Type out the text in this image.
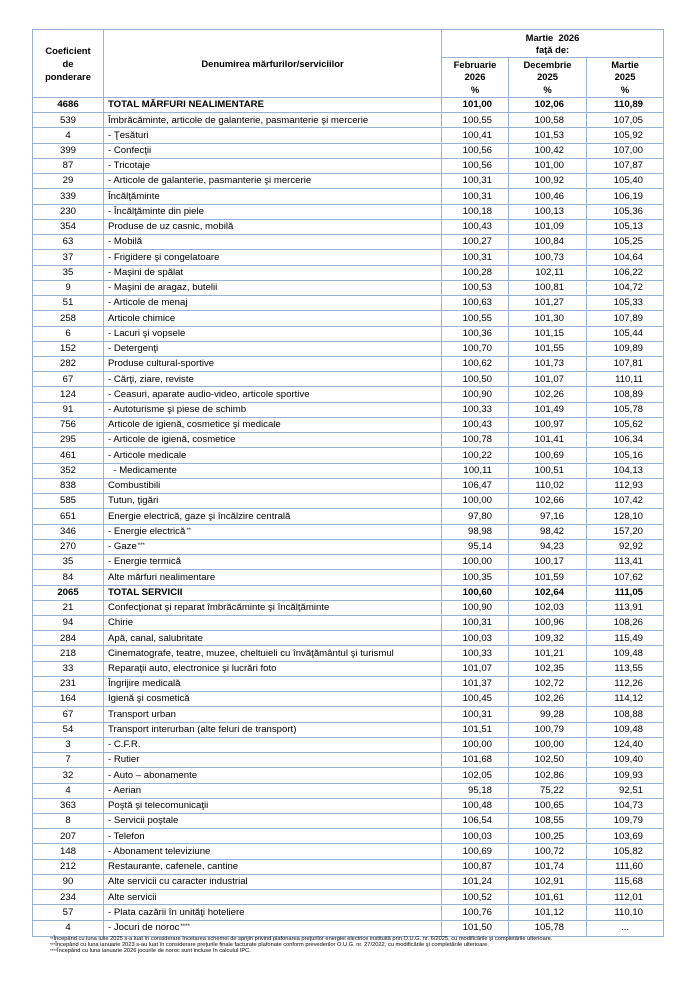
Coeficient
de
ponderare
Denumirea mărfurilor/serviciilor
Martie  2026
faţă de:
Februarie
2026
%
Decembrie
2025
%
Martie
2025
%
4686	TOTAL MĂRFURI NEALIMENTARE	101,00	102,06	110,89
539	Îmbrăcăminte, articole de galanterie, pasmanterie şi mercerie	100,55	100,58	107,05
4	- Ţesături	100,41	101,53	105,92
399	- Confecţii	100,56	100,42	107,00
87	- Tricotaje	100,56	101,00	107,87
29	- Articole de galanterie, pasmanterie şi mercerie	100,31	100,92	105,40
339	Încălţăminte	100,31	100,46	106,19
230	- Încălţăminte din piele	100,18	100,13	105,36
354	Produse de uz casnic, mobilă	100,43	101,09	105,13
63	- Mobilă	100,27	100,84	105,25
37	- Frigidere şi congelatoare	100,31	100,73	104,64
35	- Maşini de spălat	100,28	102,11	106,22
9	- Maşini de aragaz, butelii	100,53	100,81	104,72
51	- Articole de menaj	100,63	101,27	105,33
258	Articole chimice	100,55	101,30	107,89
6	- Lacuri şi vopsele	100,36	101,15	105,44
152	- Detergenţi	100,70	101,55	109,89
282	Produse cultural-sportive	100,62	101,73	107,81
67	- Cărţi, ziare, reviste	100,50	101,07	110,11
124	- Ceasuri, aparate audio-video, articole sportive	100,90	102,26	108,89
91	- Autoturisme şi piese de schimb	100,33	101,49	105,78
756	Articole de igienă, cosmetice şi medicale	100,43	100,97	105,62
295	- Articole de igienă, cosmetice	100,78	101,41	106,34
461	- Articole medicale	100,22	100,69	105,16
352	- Medicamente	100,11	100,51	104,13
838	Combustibili	106,47	110,02	112,93
585	Tutun, ţigări	100,00	102,66	107,42
651	Energie electrică, gaze şi încălzire centrală	97,80	97,16	128,10
346	- Energie electrică**	98,98	98,42	157,20
270	- Gaze***	95,14	94,23	92,92
35	- Energie termică	100,00	100,17	113,41
84	Alte mărfuri nealimentare	100,35	101,59	107,62
2065	TOTAL SERVICII	100,60	102,64	111,05
21	Confecţionat şi reparat îmbrăcăminte şi încălţăminte	100,90	102,03	113,91
94	Chirie	100,31	100,96	108,26
284	Apă, canal, salubritate	100,03	109,32	115,49
218	Cinematografe, teatre, muzee, cheltuieli cu învăţământul şi turismul	100,33	101,21	109,48
33	Reparaţii auto, electronice şi lucrări foto	101,07	102,35	113,55
231	Îngrijire medicală	101,37	102,72	112,26
164	Igienă şi cosmetică	100,45	102,26	114,12
67	Transport urban	100,31	99,28	108,88
54	Transport interurban (alte feluri de transport)	101,51	100,79	109,48
3	- C.F.R.	100,00	100,00	124,40
7	- Rutier	101,68	102,50	109,40
32	- Auto – abonamente	102,05	102,86	109,93
4	- Aerian	95,18	75,22	92,51
363	Poştă şi telecomunicaţii	100,48	100,65	104,73
8	- Servicii poştale	106,54	108,55	109,79
207	- Telefon	100,03	100,25	103,69
148	- Abonament televiziune	100,69	100,72	105,82
212	Restaurante, cafenele, cantine	100,87	101,74	111,60
90	Alte servicii cu caracter industrial	101,24	102,91	115,68
234	Alte servicii	100,52	101,61	112,01
57	- Plata cazării în unităţi hoteliere	100,76	101,12	110,10
4	- Jocuri de noroc****	101,50	105,78	...
**Începând cu luna iulie 2025 s-a luat în considerare încetarea schemei de sprijin privind plafonarea preţurilor energiei electrice instituită prin O.U.G. nr. 6/2025, cu modificările şi completările ulterioare.
***Începând cu luna ianuarie 2023 s-au luat în considerare preţurile finale facturate plafonate conform prevederilor O.U.G. nr. 27/2022, cu modificările şi completările ulterioare.
****Începând cu luna ianuarie 2026 jocurile de noroc sunt incluse în calculul IPC.
